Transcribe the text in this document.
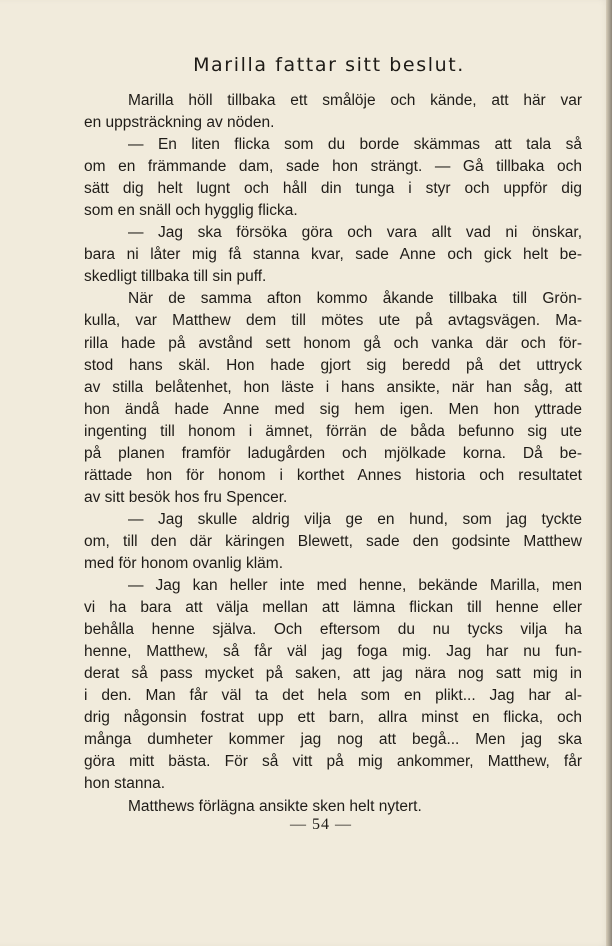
Marilla fattar sitt beslut.
Marilla höll tillbaka ett smålöje och kände, att här var
en uppsträckning av nöden.
— En liten flicka som du borde skämmas att tala så
om en främmande dam, sade hon strängt. — Gå tillbaka och
sätt dig helt lugnt och håll din tunga i styr och uppför dig
som en snäll och hygglig flicka.
— Jag ska försöka göra och vara allt vad ni önskar,
bara ni låter mig få stanna kvar, sade Anne och gick helt be-
skedligt tillbaka till sin puff.
När de samma afton kommo åkande tillbaka till Grön-
kulla, var Matthew dem till mötes ute på avtagsvägen. Ma-
rilla hade på avstånd sett honom gå och vanka där och för-
stod hans skäl. Hon hade gjort sig beredd på det uttryck
av stilla belåtenhet, hon läste i hans ansikte, när han såg, att
hon ändå hade Anne med sig hem igen. Men hon yttrade
ingenting till honom i ämnet, förrän de båda befunno sig ute
på planen framför ladugården och mjölkade korna. Då be-
rättade hon för honom i korthet Annes historia och resultatet
av sitt besök hos fru Spencer.
— Jag skulle aldrig vilja ge en hund, som jag tyckte
om, till den där käringen Blewett, sade den godsinte Matthew
med för honom ovanlig kläm.
— Jag kan heller inte med henne, bekände Marilla, men
vi ha bara att välja mellan att lämna flickan till henne eller
behålla henne själva. Och eftersom du nu tycks vilja ha
henne, Matthew, så får väl jag foga mig. Jag har nu fun-
derat så pass mycket på saken, att jag nära nog satt mig in
i den. Man får väl ta det hela som en plikt... Jag har al-
drig någonsin fostrat upp ett barn, allra minst en flicka, och
många dumheter kommer jag nog att begå... Men jag ska
göra mitt bästa. För så vitt på mig ankommer, Matthew, får
hon stanna.
Matthews förlägna ansikte sken helt nytert.
— 54 —
